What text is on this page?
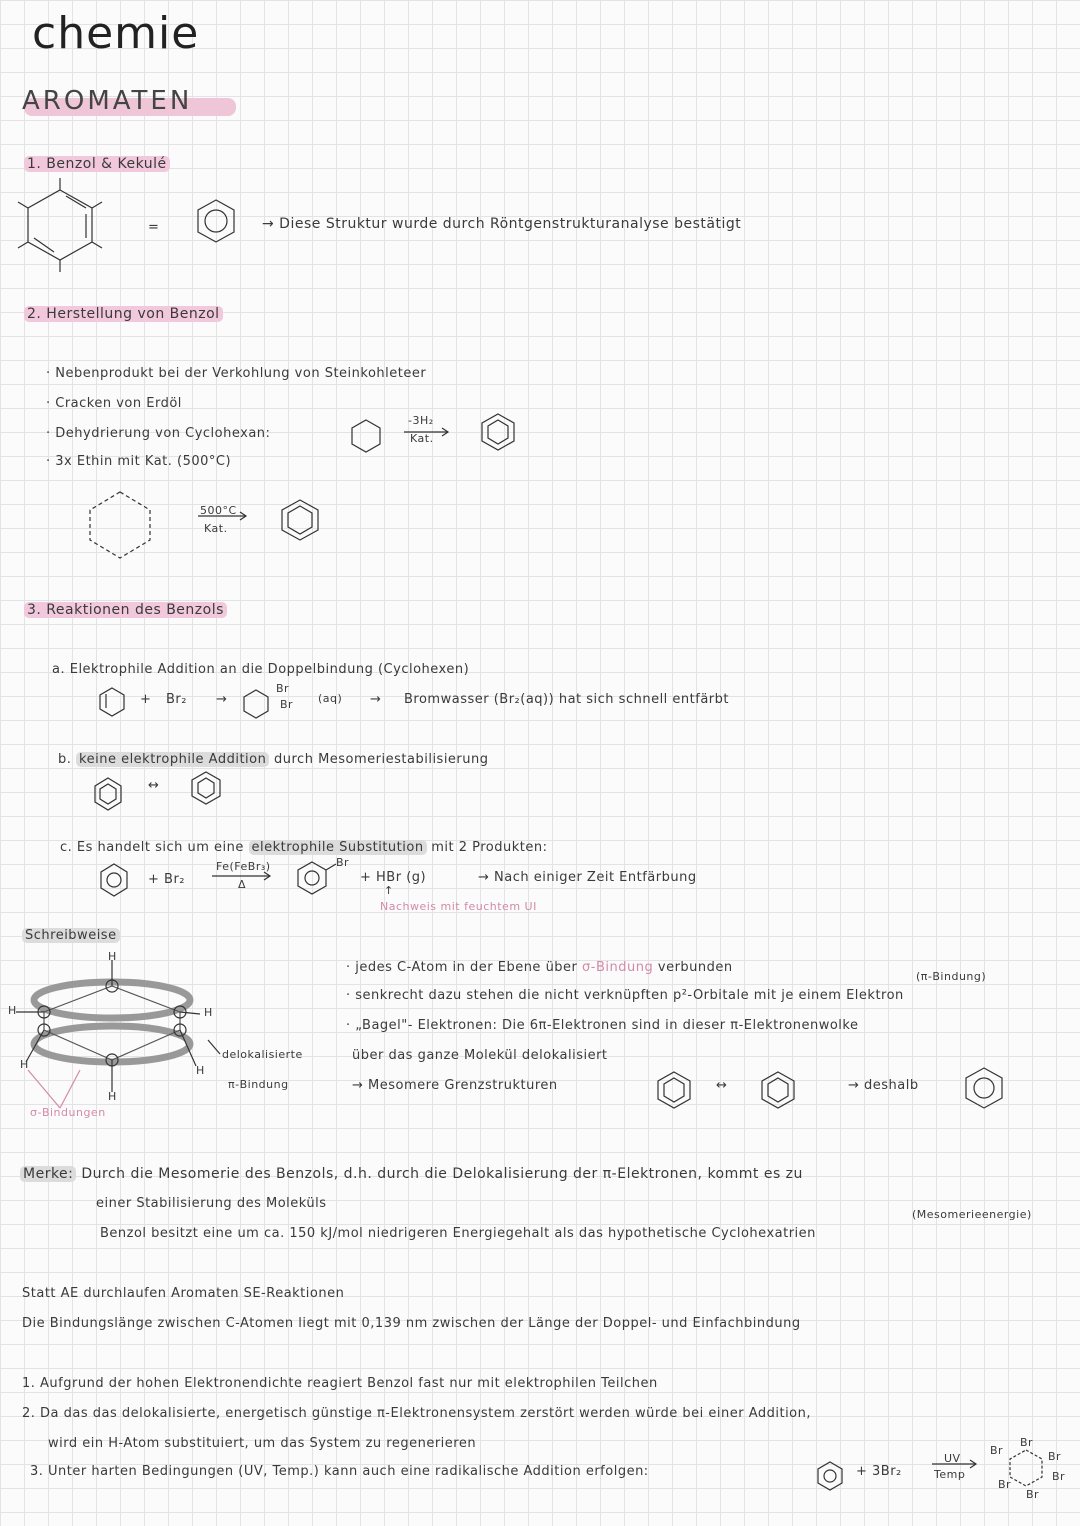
chemie
AROMATEN
1. Benzol & Kekulé
=	→ Diese Struktur wurde durch Röntgenstrukturanalyse bestätigt
2. Herstellung von Benzol
· Nebenprodukt bei der Verkohlung von Steinkohleteer
· Cracken von Erdöl
· Dehydrierung von Cyclohexan:
-3H₂
Kat.
· 3x Ethin mit Kat. (500°C)
500°C
Kat.
3. Reaktionen des Benzols
a. Elektrophile Addition an die Doppelbindung (Cyclohexen)
+ Br₂ →
Br
Br (aq) → Bromwasser (Br₂(aq)) hat sich schnell entfärbt
b. keine elektrophile Addition durch Mesomeriestabilisierung
↔
c. Es handelt sich um eine elektrophile Substitution mit 2 Produkten:
+ Br₂
Fe(FeBr₃)
Δ
Br
+ HBr (g)
↑
→ Nach einiger Zeit Entfärbung
Nachweis mit feuchtem UI
Schreibweise
H
H
H
H
H
H
delokalisierte
π-Bindung
σ-Bindungen
· jedes C-Atom in der Ebene über σ-Bindung verbunden
(π-Bindung)
· senkrecht dazu stehen die nicht verknüpften p²-Orbitale mit je einem Elektron
· „Bagel"- Elektronen: Die 6π-Elektronen sind in dieser π-Elektronenwolke
über das ganze Molekül delokalisiert
→ Mesomere Grenzstrukturen	↔	→ deshalb
Merke: Durch die Mesomerie des Benzols, d.h. durch die Delokalisierung der π-Elektronen, kommt es zu
einer Stabilisierung des Moleküls
(Mesomerieenergie)
Benzol besitzt eine um ca. 150 kJ/mol niedrigeren Energiegehalt als das hypothetische Cyclohexatrien
Statt AE durchlaufen Aromaten SE-Reaktionen
Die Bindungslänge zwischen C-Atomen liegt mit 0,139 nm zwischen der Länge der Doppel- und Einfachbindung
1. Aufgrund der hohen Elektronendichte reagiert Benzol fast nur mit elektrophilen Teilchen
2. Da das das delokalisierte, energetisch günstige π-Elektronensystem zerstört werden würde bei einer Addition,
wird ein H-Atom substituiert, um das System zu regenerieren
3. Unter harten Bedingungen (UV, Temp.) kann auch eine radikalische Addition erfolgen:	+ 3Br₂
UV
Temp
Br
Br
Br
Br
Br
Br
